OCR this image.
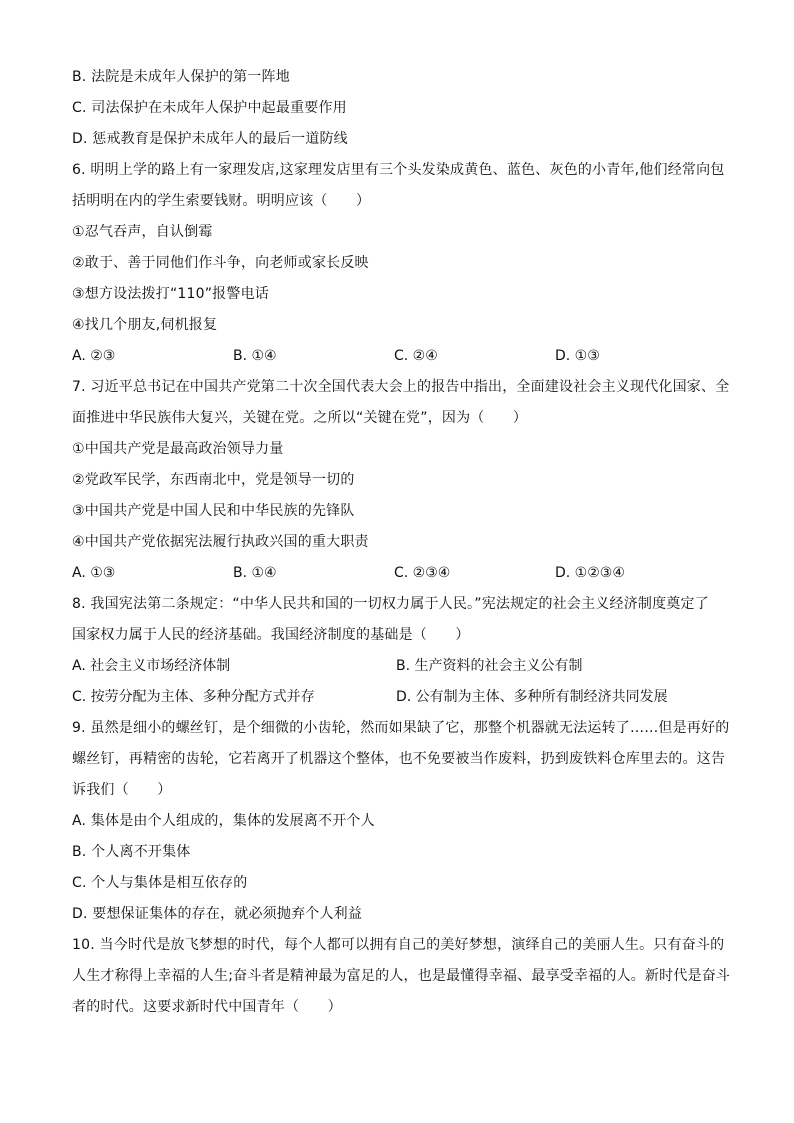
B. 法院是未成年人保护的第一阵地
C. 司法保护在未成年人保护中起最重要作用
D. 惩戒教育是保护未成年人的最后一道防线
6. 明明上学的路上有一家理发店,这家理发店里有三个头发染成黄色、蓝色、灰色的小青年,他们经常向包
括明明在内的学生索要钱财。明明应该（　　）
①忍气吞声，自认倒霉
②敢于、善于同他们作斗争，向老师或家长反映
③想方设法拨打“110”报警电话
④找几个朋友,伺机报复
A. ②③	B. ①④	C. ②④	D. ①③
7. 习近平总书记在中国共产党第二十次全国代表大会上的报告中指出，全面建设社会主义现代化国家、全
面推进中华民族伟大复兴，关键在党。之所以“关键在党”，因为（　　）
①中国共产党是最高政治领导力量
②党政军民学，东西南北中，党是领导一切的
③中国共产党是中国人民和中华民族的先锋队
④中国共产党依据宪法履行执政兴国的重大职责
A. ①③	B. ①④	C. ②③④	D. ①②③④
8. 我国宪法第二条规定：“中华人民共和国的一切权力属于人民。”宪法规定的社会主义经济制度奠定了
国家权力属于人民的经济基础。我国经济制度的基础是（　　）
A. 社会主义市场经济体制	B. 生产资料的社会主义公有制
C. 按劳分配为主体、多种分配方式并存	D. 公有制为主体、多种所有制经济共同发展
9. 虽然是细小的螺丝钉，是个细微的小齿轮，然而如果缺了它，那整个机器就无法运转了……但是再好的
螺丝钉，再精密的齿轮，它若离开了机器这个整体，也不免要被当作废料，扔到废铁料仓库里去的。这告
诉我们（　　）
A. 集体是由个人组成的，集体的发展离不开个人
B. 个人离不开集体
C. 个人与集体是相互依存的
D. 要想保证集体的存在，就必须抛弃个人利益
10. 当今时代是放飞梦想的时代，每个人都可以拥有自己的美好梦想，演绎自己的美丽人生。只有奋斗的
人生才称得上幸福的人生;奋斗者是精神最为富足的人，也是最懂得幸福、最享受幸福的人。新时代是奋斗
者的时代。这要求新时代中国青年（　　）
